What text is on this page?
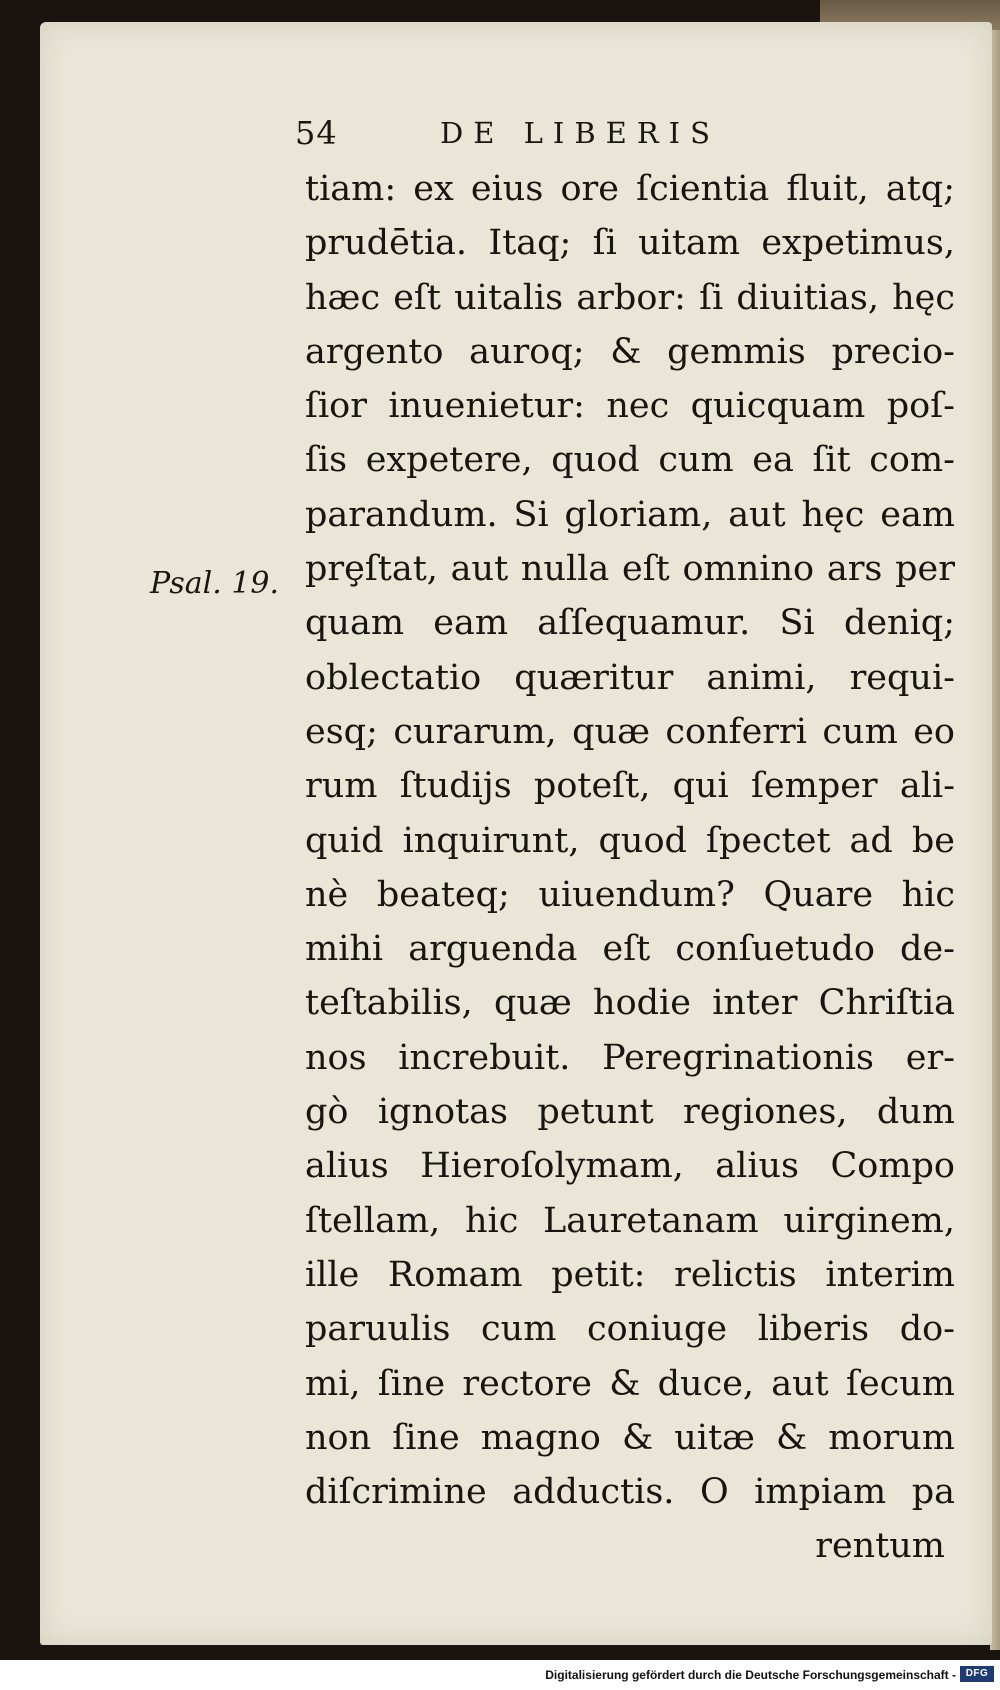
54	DE LIBERIS
Psal. 19.
tiam: ex eius ore ſcientia fluit, atq;
prudētia. Itaq; ſi uitam expetimus,
hæc eſt uitalis arbor: ſi diuitias, hęc
argento auroq; & gemmis precio-
ſior inuenietur: nec quicquam poſ-
ſis expetere, quod cum ea ſit com-
parandum. Si gloriam, aut hęc eam
prȩſtat, aut nulla eſt omnino ars per
quam eam aſſequamur. Si deniq;
oblectatio quæritur animi, requi-
esq; curarum, quæ conferri cum eo
rum ſtudijs poteſt, qui ſemper ali-
quid inquirunt, quod ſpectet ad be
nè beateq; uiuendum? Quare hic
mihi arguenda eſt conſuetudo de-
teſtabilis, quæ hodie inter Chriſtia
nos increbuit. Peregrinationis er-
gò ignotas petunt regiones, dum
alius Hieroſolymam, alius Compo
ſtellam, hic Lauretanam uirginem,
ille Romam petit: relictis interim
paruulis cum coniuge liberis do-
mi, ſine rectore & duce, aut ſecum
non ſine magno & uitæ & morum
diſcrimine adductis. O impiam pa
rentum
Digitalisierung gefördert durch die Deutsche Forschungsgemeinschaft - DFG
